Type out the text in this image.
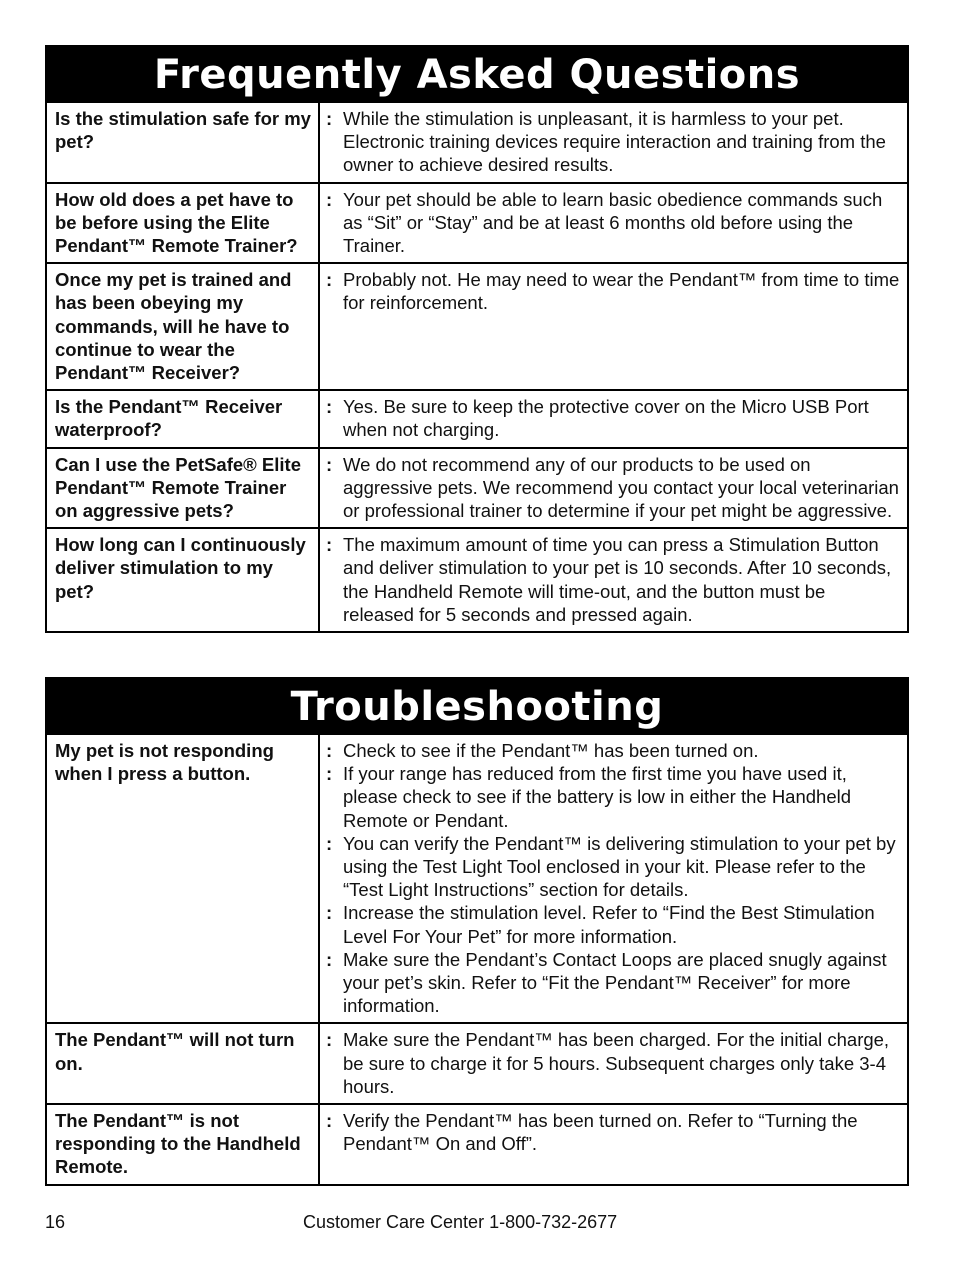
Frequently Asked Questions
Is the stimulation safe for my pet?
: While the stimulation is unpleasant, it is harmless to your pet. Electronic training devices require interaction and training from the owner to achieve desired results.
How old does a pet have to be before using the Elite Pendant™ Remote Trainer?
: Your pet should be able to learn basic obedience commands such as “Sit” or “Stay” and be at least 6 months old before using the Trainer.
Once my pet is trained and has been obeying my commands, will he have to continue to wear the Pendant™ Receiver?
: Probably not. He may need to wear the Pendant™ from time to time for reinforcement.
Is the Pendant™ Receiver waterproof?
: Yes. Be sure to keep the protective cover on the Micro USB Port when not charging.
Can I use the PetSafe® Elite Pendant™ Remote Trainer on aggressive pets?
: We do not recommend any of our products to be used on aggressive pets. We recommend you contact your local veterinarian or professional trainer to determine if your pet might be aggressive.
How long can I continuously deliver stimulation to my pet?
: The maximum amount of time you can press a Stimulation Button and deliver stimulation to your pet is 10 seconds. After 10 seconds, the Handheld Remote will time-out, and the button must be released for 5 seconds and pressed again.
Troubleshooting
My pet is not responding when I press a button.
: Check to see if the Pendant™ has been turned on.
: If your range has reduced from the first time you have used it, please check to see if the battery is low in either the Handheld Remote or Pendant.
: You can verify the Pendant™ is delivering stimulation to your pet by using the Test Light Tool enclosed in your kit. Please refer to the “Test Light Instructions” section for details.
: Increase the stimulation level. Refer to “Find the Best Stimulation Level For Your Pet” for more information.
: Make sure the Pendant’s Contact Loops are placed snugly against your pet’s skin. Refer to “Fit the Pendant™ Receiver” for more information.
The Pendant™ will not turn on.
: Make sure the Pendant™ has been charged. For the initial charge, be sure to charge it for 5 hours. Subsequent charges only take 3-4 hours.
The Pendant™ is not responding to the Handheld Remote.
: Verify the Pendant™ has been turned on. Refer to “Turning the Pendant™ On and Off”.
16	Customer Care Center 1-800-732-2677
